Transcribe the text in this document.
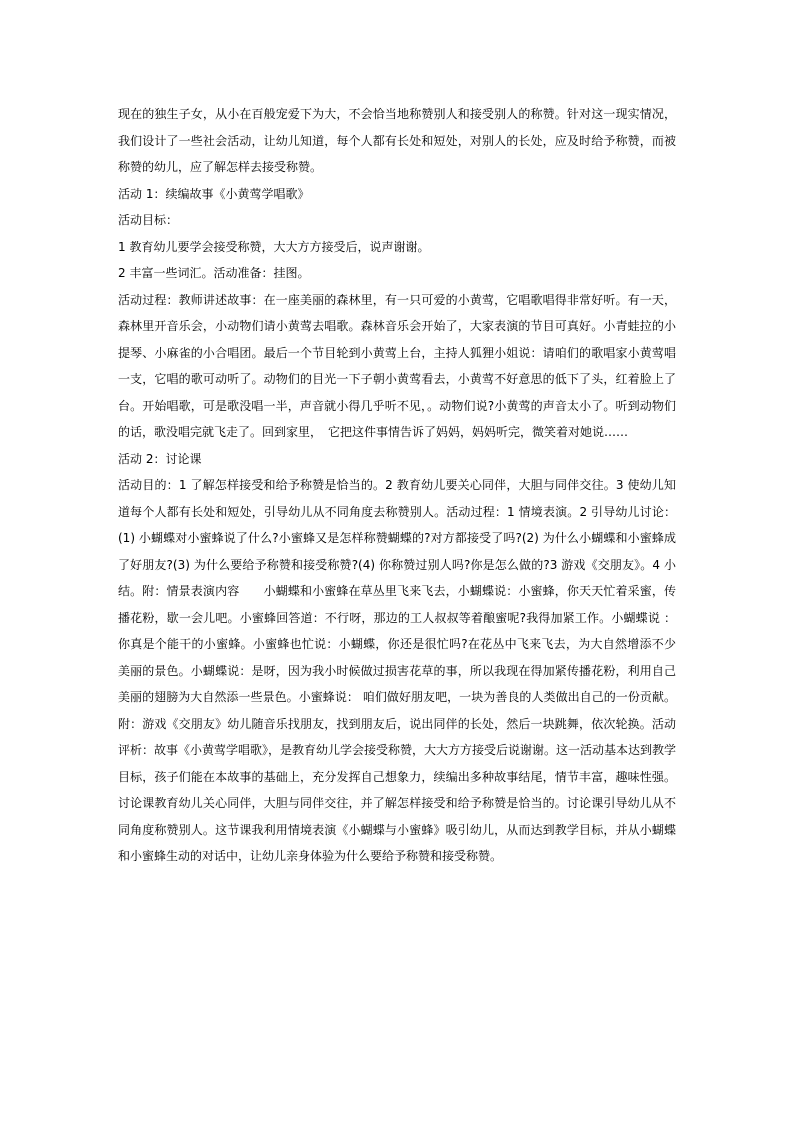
现在的独生子女，从小在百般宠爱下为大，不会恰当地称赞别人和接受别人的称赞。针对这一现实情况，我们设计了一些社会活动，让幼儿知道，每个人都有长处和短处，对别人的长处，应及时给予称赞，而被称赞的幼儿，应了解怎样去接受称赞。

活动 1：续编故事《小黄莺学唱歌》

活动目标：

1 教育幼儿要学会接受称赞，大大方方接受后，说声谢谢。

2 丰富一些词汇。活动准备：挂图。

活动过程：教师讲述故事：在一座美丽的森林里，有一只可爱的小黄莺，它唱歌唱得非常好听。有一天，森林里开音乐会，小动物们请小黄莺去唱歌。森林音乐会开始了，大家表演的节目可真好。小青蛙拉的小提琴、小麻雀的小合唱团。最后一个节目轮到小黄莺上台，主持人狐狸小姐说：请咱们的歌唱家小黄莺唱一支，它唱的歌可动听了。动物们的目光一下子朝小黄莺看去，小黄莺不好意思的低下了头，红着脸上了台。开始唱歌，可是歌没唱一半，声音就小得几乎听不见，。动物们说?小黄莺的声音太小了。听到动物们的话，歌没唱完就飞走了。回到家里，　它把这件事情告诉了妈妈，妈妈听完，微笑着对她说……

活动 2：讨论课

活动目的：1 了解怎样接受和给予称赞是恰当的。2 教育幼儿要关心同伴，大胆与同伴交往。3 使幼儿知道每个人都有长处和短处，引导幼儿从不同角度去称赞别人。活动过程：1 情境表演。2 引导幼儿讨论：(1) 小蝴蝶对小蜜蜂说了什么?小蜜蜂又是怎样称赞蝴蝶的?对方都接受了吗?(2) 为什么小蝴蝶和小蜜蜂成了好朋友?(3) 为什么要给予称赞和接受称赞?(4) 你称赞过别人吗?你是怎么做的?3 游戏《交朋友》。4 小结。附：情景表演内容　　小蝴蝶和小蜜蜂在草丛里飞来飞去，小蝴蝶说：小蜜蜂，你天天忙着采蜜，传播花粉，歇一会儿吧。小蜜蜂回答道：不行呀，那边的工人叔叔等着酿蜜呢?我得加紧工作。小蝴蝶说 ：你真是个能干的小蜜蜂。小蜜蜂也忙说：小蝴蝶，你还是很忙吗?在花丛中飞来飞去，为大自然增添不少美丽的景色。小蝴蝶说：是呀，因为我小时候做过损害花草的事，所以我现在得加紧传播花粉，利用自己美丽的翅膀为大自然添一些景色。小蜜蜂说： 咱们做好朋友吧，一块为善良的人类做出自己的一份贡献。附：游戏《交朋友》幼儿随音乐找朋友，找到朋友后，说出同伴的长处，然后一块跳舞，依次轮换。活动评析：故事《小黄莺学唱歌》，是教育幼儿学会接受称赞，大大方方接受后说谢谢。这一活动基本达到教学目标，孩子们能在本故事的基础上，充分发挥自己想象力，续编出多种故事结尾，情节丰富，趣味性强。讨论课教育幼儿关心同伴，大胆与同伴交往，并了解怎样接受和给予称赞是恰当的。讨论课引导幼儿从不同角度称赞别人。这节课我利用情境表演《小蝴蝶与小蜜蜂》吸引幼儿，从而达到教学目标，并从小蝴蝶和小蜜蜂生动的对话中，让幼儿亲身体验为什么要给予称赞和接受称赞。
